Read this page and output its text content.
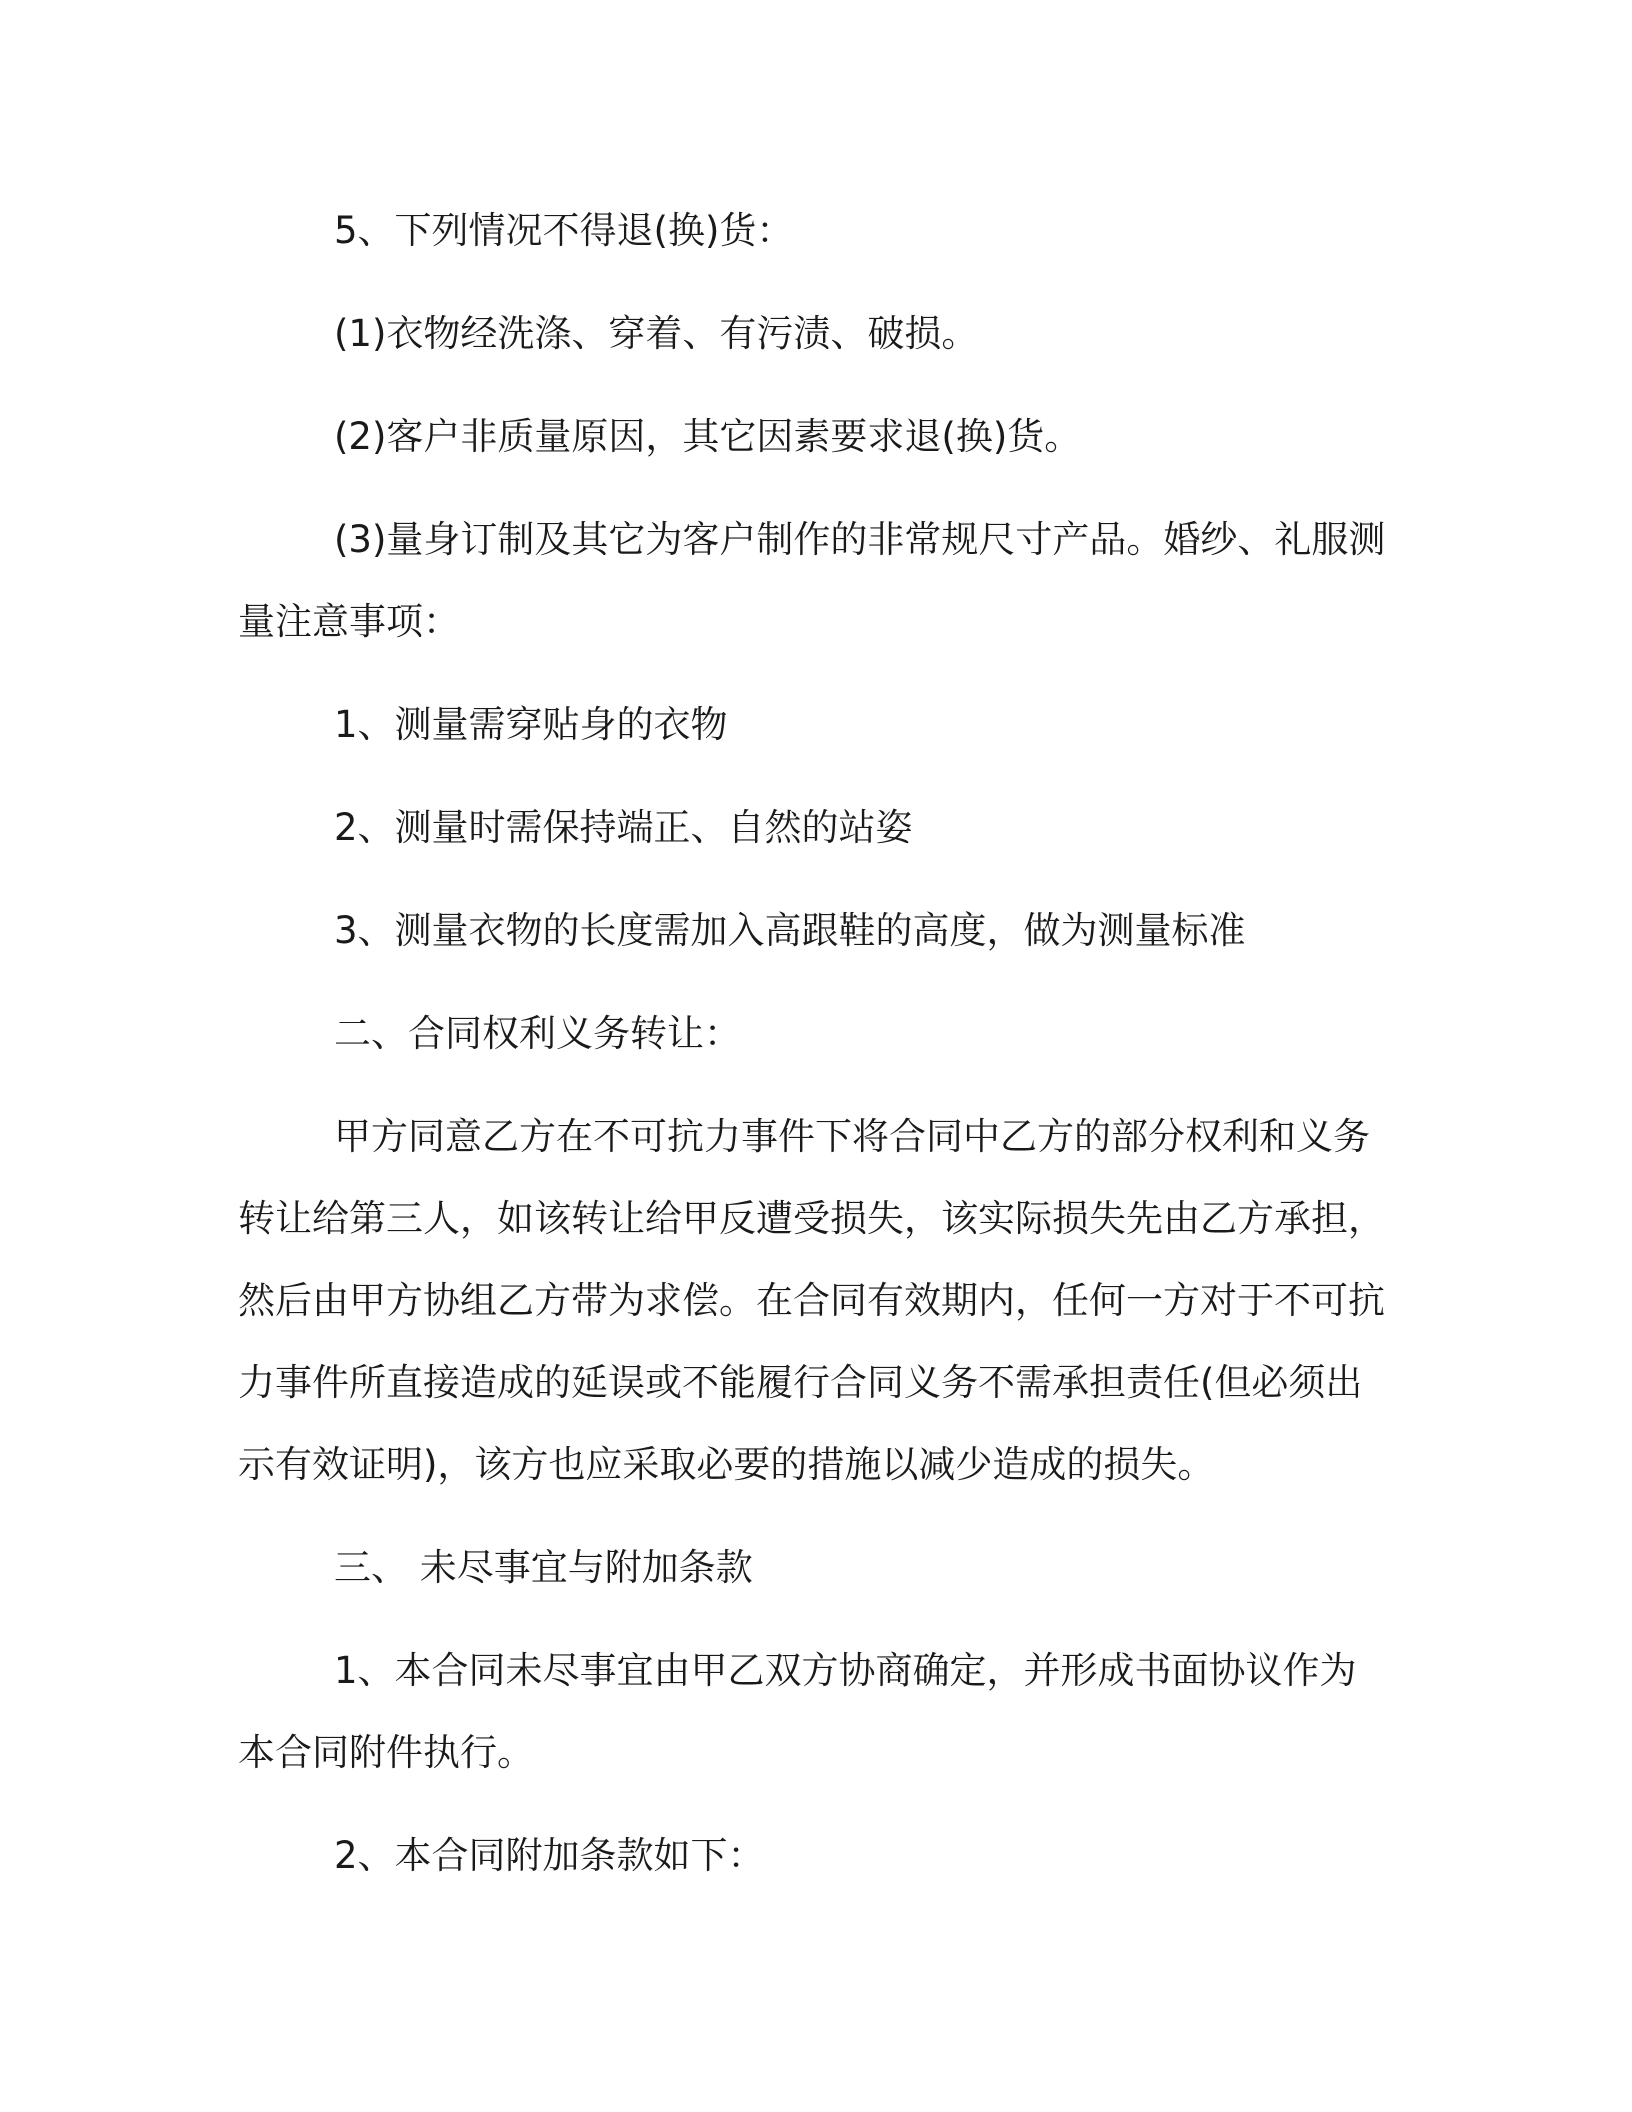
5、下列情况不得退(换)货：

(1)衣物经洗涤、穿着、有污渍、破损。

(2)客户非质量原因，其它因素要求退(换)货。

(3)量身订制及其它为客户制作的非常规尺寸产品。婚纱、礼服测量注意事项：

1、测量需穿贴身的衣物

2、测量时需保持端正、自然的站姿

3、测量衣物的长度需加入高跟鞋的高度，做为测量标准

二、合同权利义务转让：

甲方同意乙方在不可抗力事件下将合同中乙方的部分权利和义务转让给第三人，如该转让给甲反遭受损失，该实际损失先由乙方承担，然后由甲方协组乙方带为求偿。在合同有效期内，任何一方对于不可抗力事件所直接造成的延误或不能履行合同义务不需承担责任(但必须出示有效证明)，该方也应采取必要的措施以减少造成的损失。

三、 未尽事宜与附加条款

1、本合同未尽事宜由甲乙双方协商确定，并形成书面协议作为本合同附件执行。

2、本合同附加条款如下：
